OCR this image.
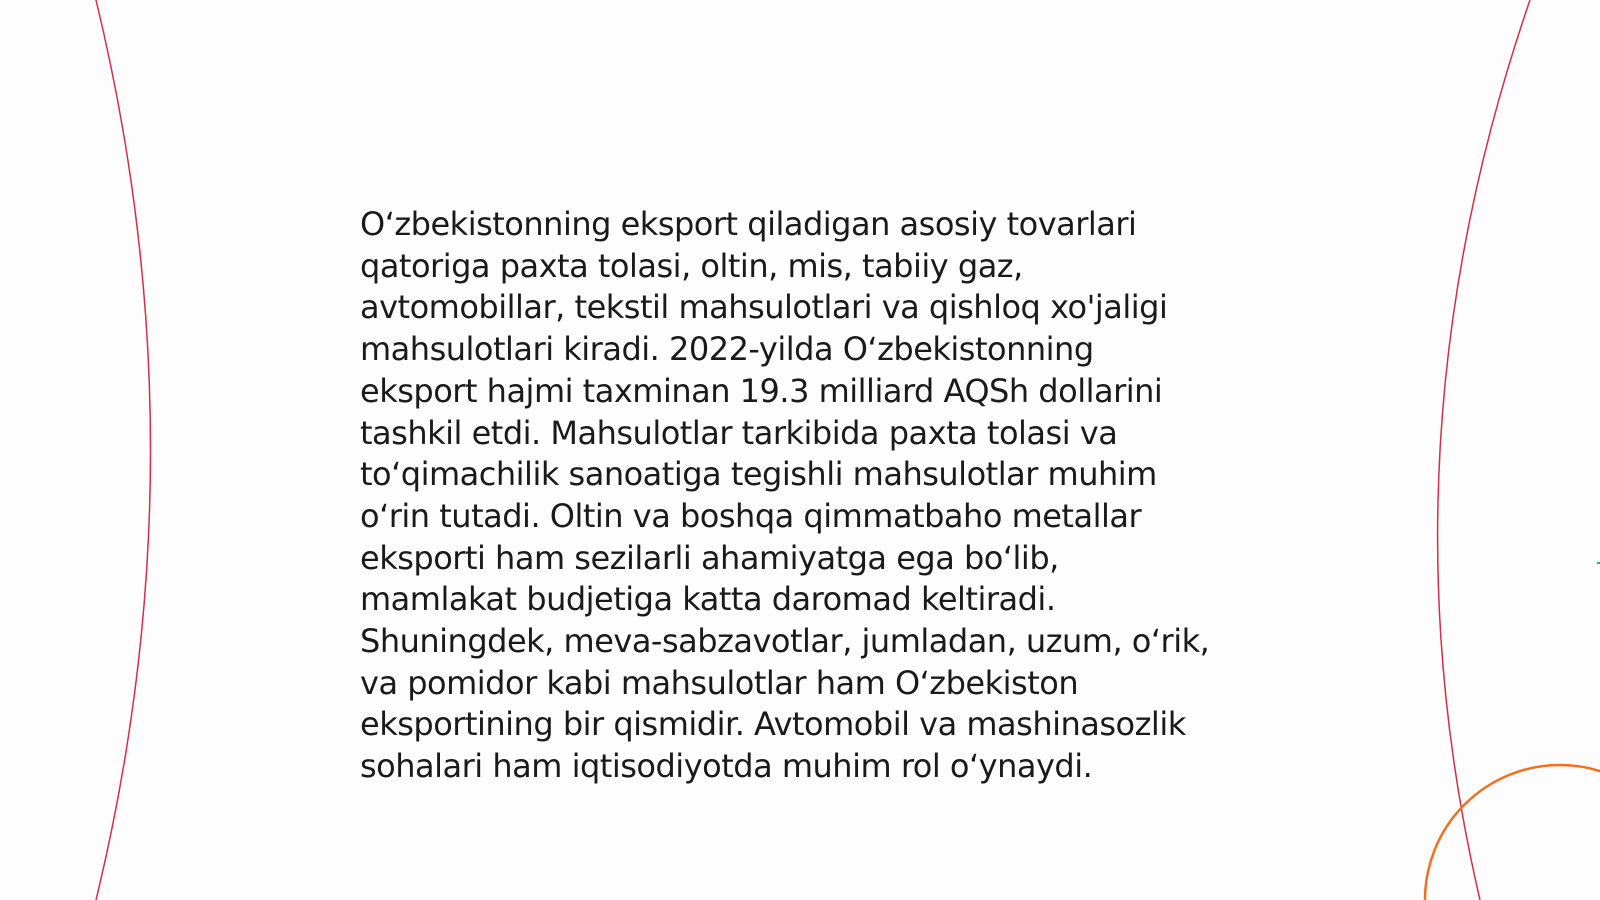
O‘zbekistonning eksport qiladigan asosiy tovarlari
qatoriga paxta tolasi, oltin, mis, tabiiy gaz,
avtomobillar, tekstil mahsulotlari va qishloq xo'jaligi
mahsulotlari kiradi. 2022-yilda O‘zbekistonning
eksport hajmi taxminan 19.3 milliard AQSh dollarini
tashkil etdi. Mahsulotlar tarkibida paxta tolasi va
to‘qimachilik sanoatiga tegishli mahsulotlar muhim
o‘rin tutadi. Oltin va boshqa qimmatbaho metallar
eksporti ham sezilarli ahamiyatga ega bo‘lib,
mamlakat budjetiga katta daromad keltiradi.
Shuningdek, meva-sabzavotlar, jumladan, uzum, o‘rik,
va pomidor kabi mahsulotlar ham O‘zbekiston
eksportining bir qismidir. Avtomobil va mashinasozlik
sohalari ham iqtisodiyotda muhim rol o‘ynaydi.
